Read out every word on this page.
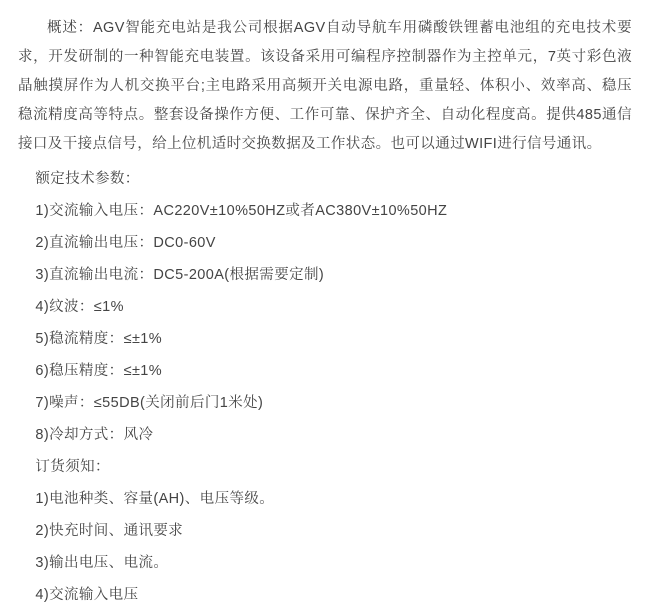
概述：AGV智能充电站是我公司根据AGV自动导航车用磷酸铁锂蓄电池组的充电技术要求，开发研制的一种智能充电装置。该设备采用可编程序控制器作为主控单元，7英寸彩色液晶触摸屏作为人机交换平台;主电路采用高频开关电源电路，重量轻、体积小、效率高、稳压稳流精度高等特点。整套设备操作方便、工作可靠、保护齐全、自动化程度高。提供485通信接口及干接点信号，给上位机适时交换数据及工作状态。也可以通过WIFI进行信号通讯。

额定技术参数：

1)交流输入电压：AC220V±10%50HZ或者AC380V±10%50HZ

2)直流输出电压：DC0-60V

3)直流输出电流：DC5-200A(根据需要定制)

4)纹波：≤1%

5)稳流精度：≤±1%

6)稳压精度：≤±1%

7)噪声：≤55DB(关闭前后门1米处)

8)冷却方式：风冷

订货须知：

1)电池种类、容量(AH)、电压等级。

2)快充时间、通讯要求

3)输出电压、电流。

4)交流输入电压
